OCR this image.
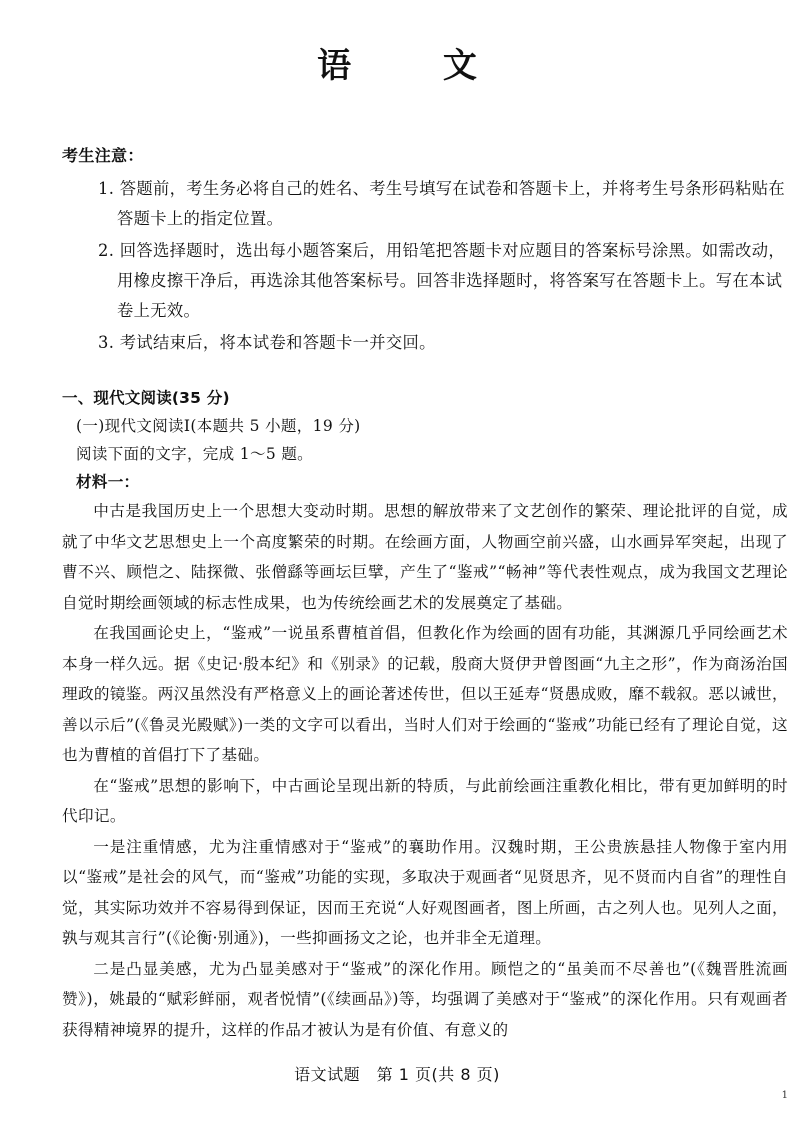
语 文
考生注意：
1. 答题前，考生务必将自己的姓名、考生号填写在试卷和答题卡上，并将考生号条形码粘贴在答题卡上的指定位置。
2. 回答选择题时，选出每小题答案后，用铅笔把答题卡对应题目的答案标号涂黑。如需改动，用橡皮擦干净后，再选涂其他答案标号。回答非选择题时，将答案写在答题卡上。写在本试卷上无效。
3. 考试结束后，将本试卷和答题卡一并交回。
一、现代文阅读(35 分)
(一)现代文阅读Ⅰ(本题共 5 小题，19 分)
阅读下面的文字，完成 1～5 题。
材料一：

中古是我国历史上一个思想大变动时期。思想的解放带来了文艺创作的繁荣、理论批评的自觉，成就了中华文艺思想史上一个高度繁荣的时期。在绘画方面，人物画空前兴盛，山水画异军突起，出现了曹不兴、顾恺之、陆探微、张僧繇等画坛巨擘，产生了“鉴戒”“畅神”等代表性观点，成为我国文艺理论自觉时期绘画领域的标志性成果，也为传统绘画艺术的发展奠定了基础。

在我国画论史上，“鉴戒”一说虽系曹植首倡，但教化作为绘画的固有功能，其渊源几乎同绘画艺术本身一样久远。据《史记·殷本纪》和《别录》的记载，殷商大贤伊尹曾图画“九主之形”，作为商汤治国理政的镜鉴。两汉虽然没有严格意义上的画论著述传世，但以王延寿“贤愚成败，靡不载叙。恶以诫世，善以示后”(《鲁灵光殿赋》)一类的文字可以看出，当时人们对于绘画的“鉴戒”功能已经有了理论自觉，这也为曹植的首倡打下了基础。

在“鉴戒”思想的影响下，中古画论呈现出新的特质，与此前绘画注重教化相比，带有更加鲜明的时代印记。

一是注重情感，尤为注重情感对于“鉴戒”的襄助作用。汉魏时期，王公贵族悬挂人物像于室内用以“鉴戒”是社会的风气，而“鉴戒”功能的实现，多取决于观画者“见贤思齐，见不贤而内自省”的理性自觉，其实际功效并不容易得到保证，因而王充说“人好观图画者，图上所画，古之列人也。见列人之面，孰与观其言行”(《论衡·别通》)，一些抑画扬文之论，也并非全无道理。

二是凸显美感，尤为凸显美感对于“鉴戒”的深化作用。顾恺之的“虽美而不尽善也”(《魏晋胜流画赞》)，姚最的“赋彩鲜丽，观者悦情”(《续画品》)等，均强调了美感对于“鉴戒”的深化作用。只有观画者获得精神境界的提升，这样的作品才被认为是有价值、有意义的

语文试题　第 1 页(共 8 页)
1
